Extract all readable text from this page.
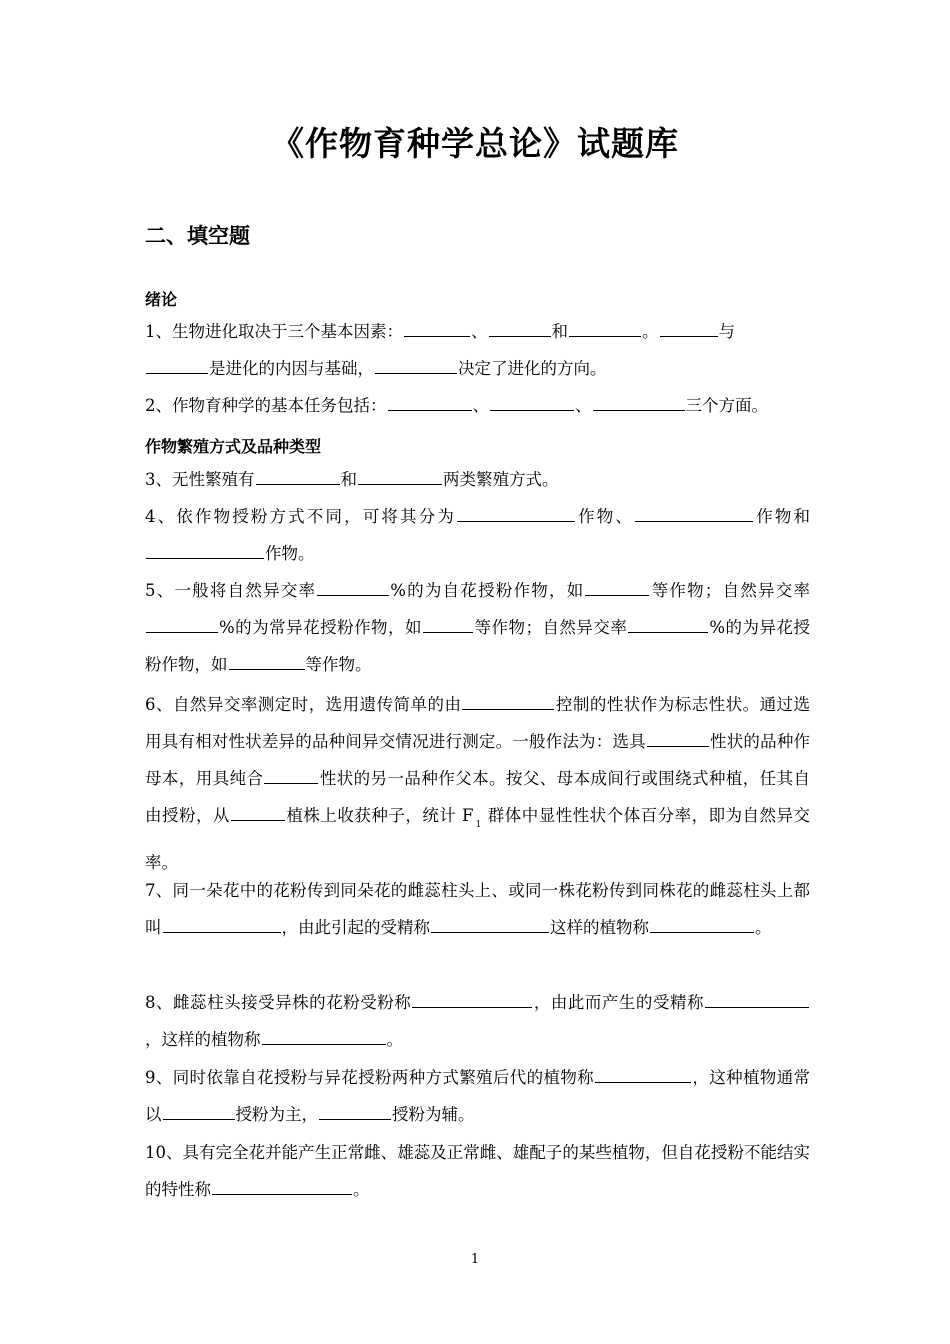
《作物育种学总论》试题库
二、填空题
绪论
1、生物进化取决于三个基本因素：	、	和	。	与
是进化的内因与基础，	决定了进化的方向。
2、作物育种学的基本任务包括：	、	、	三个方面。
作物繁殖方式及品种类型
3、无性繁殖有	和	两类繁殖方式。
4、依作物授粉方式不同，可将其分为	作物、	作物和作物。
5、一般将自然异交率	%的为自花授粉作物，如	等作物；自然异交率%的为常异花授粉作物，如	等作物；自然异交率	%的为异花授粉作物，如	等作物。
6、自然异交率测定时，选用遗传简单的由	控制的性状作为标志性状。通过选用具有相对性状差异的品种间异交情况进行测定。一般作法为：选具	性状的品种作母本，用具纯合	性状的另一品种作父本。按父、母本成间行或围绕式种植，任其自由授粉，从	植株上收获种子，统计 F $_1$ 群体中显性性状个体百分率，即为自然异交率。
7、同一朵花中的花粉传到同朵花的雌蕊柱头上、或同一株花粉传到同株花的雌蕊柱头上都叫	，由此引起的受精称	这样的植物称	。
8、雌蕊柱头接受异株的花粉受粉称	，由此而产生的受精称，这样的植物称	。
9、同时依靠自花授粉与异花授粉两种方式繁殖后代的植物称	，这种植物通常以	授粉为主，	授粉为辅。
10、具有完全花并能产生正常雌、雄蕊及正常雌、雄配子的某些植物，但自花授粉不能结实的特性称	。
1
